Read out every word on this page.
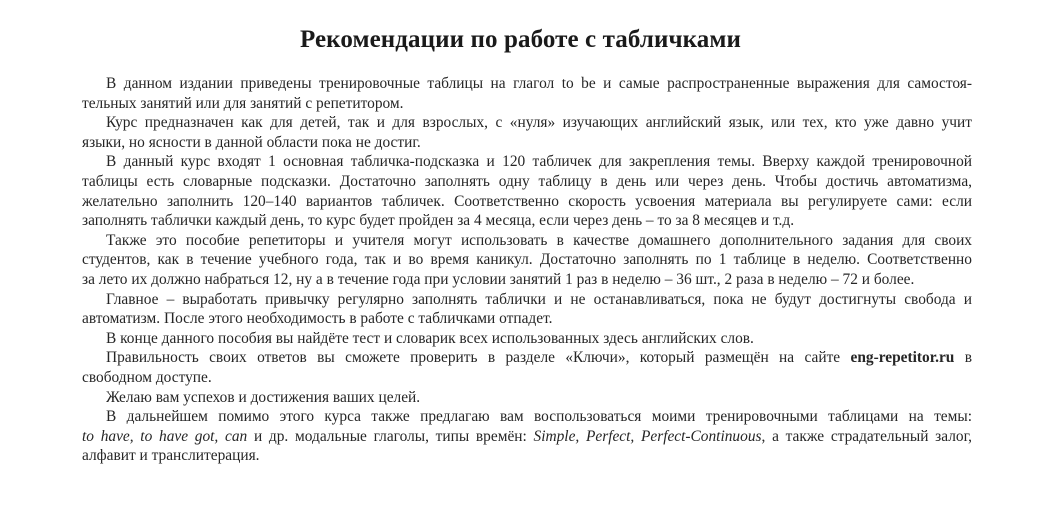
Рекомендации по работе с табличками
В данном издании приведены тренировочные таблицы на глагол to be и самые распространенные выражения для самостоя-
тельных занятий или для занятий с репетитором.
Курс предназначен как для детей, так и для взрослых, с «нуля» изучающих английский язык, или тех, кто уже давно учит
языки, но ясности в данной области пока не достиг.
В данный курс входят 1 основная табличка-подсказка и 120 табличек для закрепления темы. Вверху каждой тренировочной
таблицы есть словарные подсказки. Достаточно заполнять одну таблицу в день или через день. Чтобы достичь автоматизма,
желательно заполнить 120–140 вариантов табличек. Соответственно скорость усвоения материала вы регулируете сами: если
заполнять таблички каждый день, то курс будет пройден за 4 месяца, если через день – то за 8 месяцев и т.д.
Также это пособие репетиторы и учителя могут использовать в качестве домашнего дополнительного задания для своих
студентов, как в течение учебного года, так и во время каникул. Достаточно заполнять по 1 таблице в неделю. Соответственно
за лето их должно набраться 12, ну а в течение года при условии занятий 1 раз в неделю – 36 шт., 2 раза в неделю – 72 и более.
Главное – выработать привычку регулярно заполнять таблички и не останавливаться, пока не будут достигнуты свобода и
автоматизм. После этого необходимость в работе с табличками отпадет.
В конце данного пособия вы найдёте тест и словарик всех использованных здесь английских слов.
Правильность своих ответов вы сможете проверить в разделе «Ключи», который размещён на сайте eng-repetitor.ru в
свободном доступе.
Желаю вам успехов и достижения ваших целей.
В дальнейшем помимо этого курса также предлагаю вам воспользоваться моими тренировочными таблицами на темы:
to have, to have got, can и др. модальные глаголы, типы времён: Simple, Perfect, Perfect-Continuous, а также страдательный залог,
алфавит и транслитерация.
